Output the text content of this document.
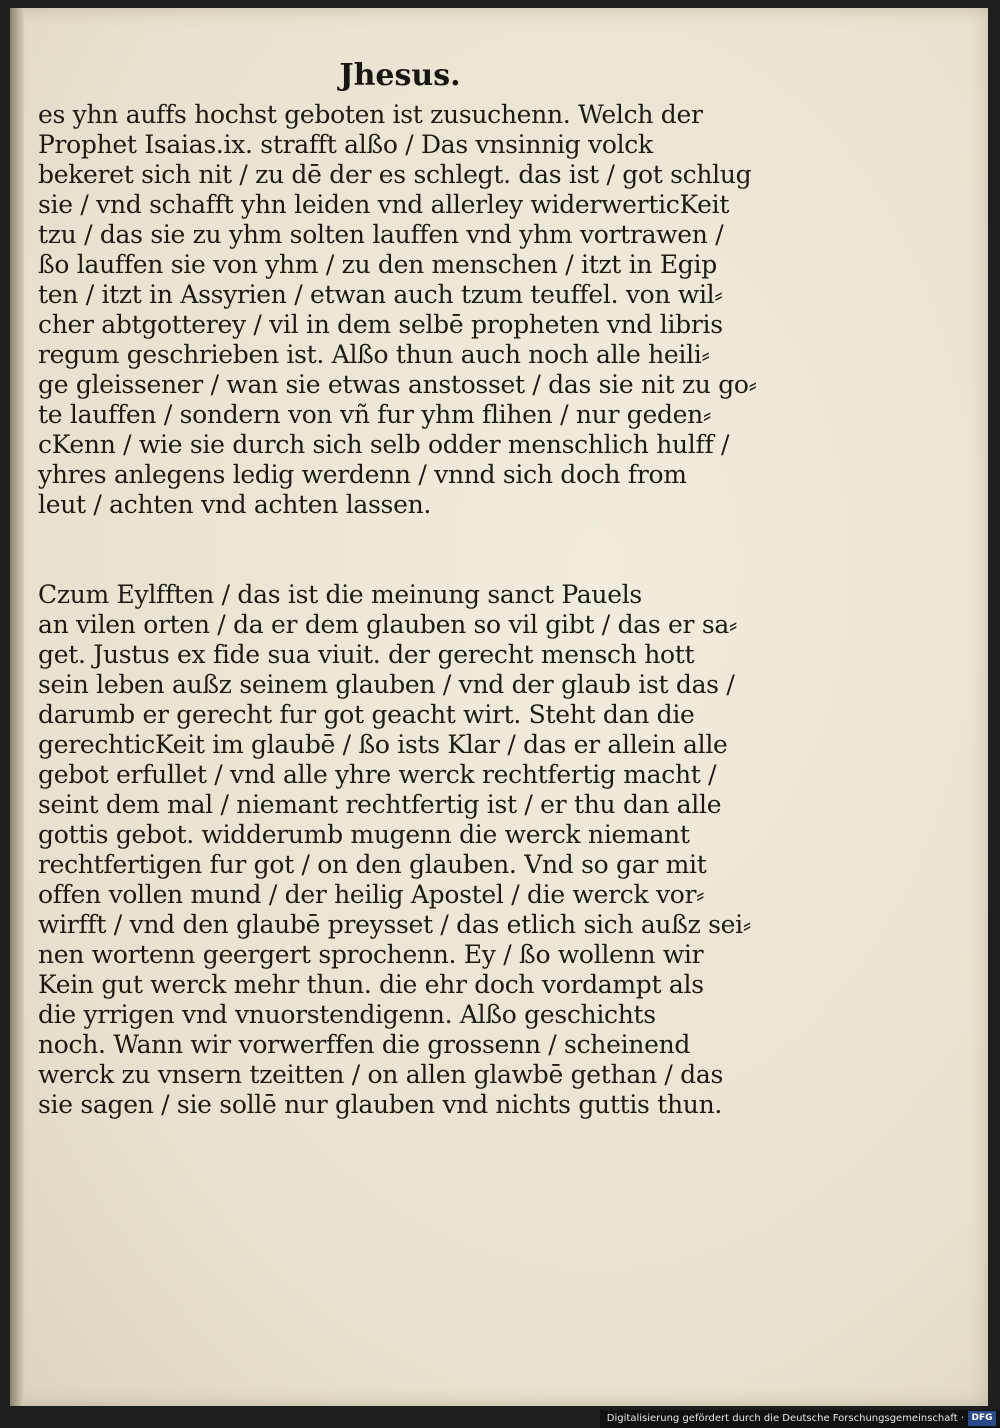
Jhesus.

es yhn auffs hochst geboten ist zusuchenn. Welch der

Prophet Isaias.ix. strafft alßo / Das vnsinnig volck

bekeret sich nit / zu dē der es schlegt. das ist / got schlug

sie / vnd schafft yhn leiden vnd allerley widerwerticKeit

tzu / das sie zu yhm solten lauffen vnd yhm vortrawen /

ßo lauffen sie von yhm / zu den menschen / itzt in Egip

ten / itzt in Assyrien / etwan auch tzum teuffel. von wil⸗

cher abtgotterey / vil in dem selbē propheten vnd libris

regum geschrieben ist. Alßo thun auch noch alle heili⸗

ge gleissener / wan sie etwas anstosset / das sie nit zu go⸗

te lauffen / sondern von vñ fur yhm flihen / nur geden⸗

cKenn / wie sie durch sich selb odder menschlich hulff /

yhres anlegens ledig werdenn / vnnd sich doch from

leut / achten vnd achten lassen.

Czum Eylfften / das ist die meinung sanct Pauels

an vilen orten / da er dem glauben so vil gibt / das er sa⸗

get. Justus ex fide sua viuit. der gerecht mensch hott

sein leben außz seinem glauben / vnd der glaub ist das /

darumb er gerecht fur got geacht wirt. Steht dan die

gerechticKeit im glaubē / ßo ists Klar / das er allein alle

gebot erfullet / vnd alle yhre werck rechtfertig macht /

seint dem mal / niemant rechtfertig ist / er thu dan alle

gottis gebot. widderumb mugenn die werck niemant

rechtfertigen fur got / on den glauben. Vnd so gar mit

offen vollen mund / der heilig Apostel / die werck vor⸗

wirfft / vnd den glaubē preysset / das etlich sich außz sei⸗

nen wortenn geergert sprochenn. Ey / ßo wollenn wir

Kein gut werck mehr thun. die ehr doch vordampt als

die yrrigen vnd vnuorstendigenn. Alßo geschichts

noch. Wann wir vorwerffen die grossenn / scheinend

werck zu vnsern tzeitten / on allen glawbē gethan / das

sie sagen / sie sollē nur glauben vnd nichts guttis thun.

Digitalisierung gefördert durch die Deutsche Forschungsgemeinschaft · DFG
